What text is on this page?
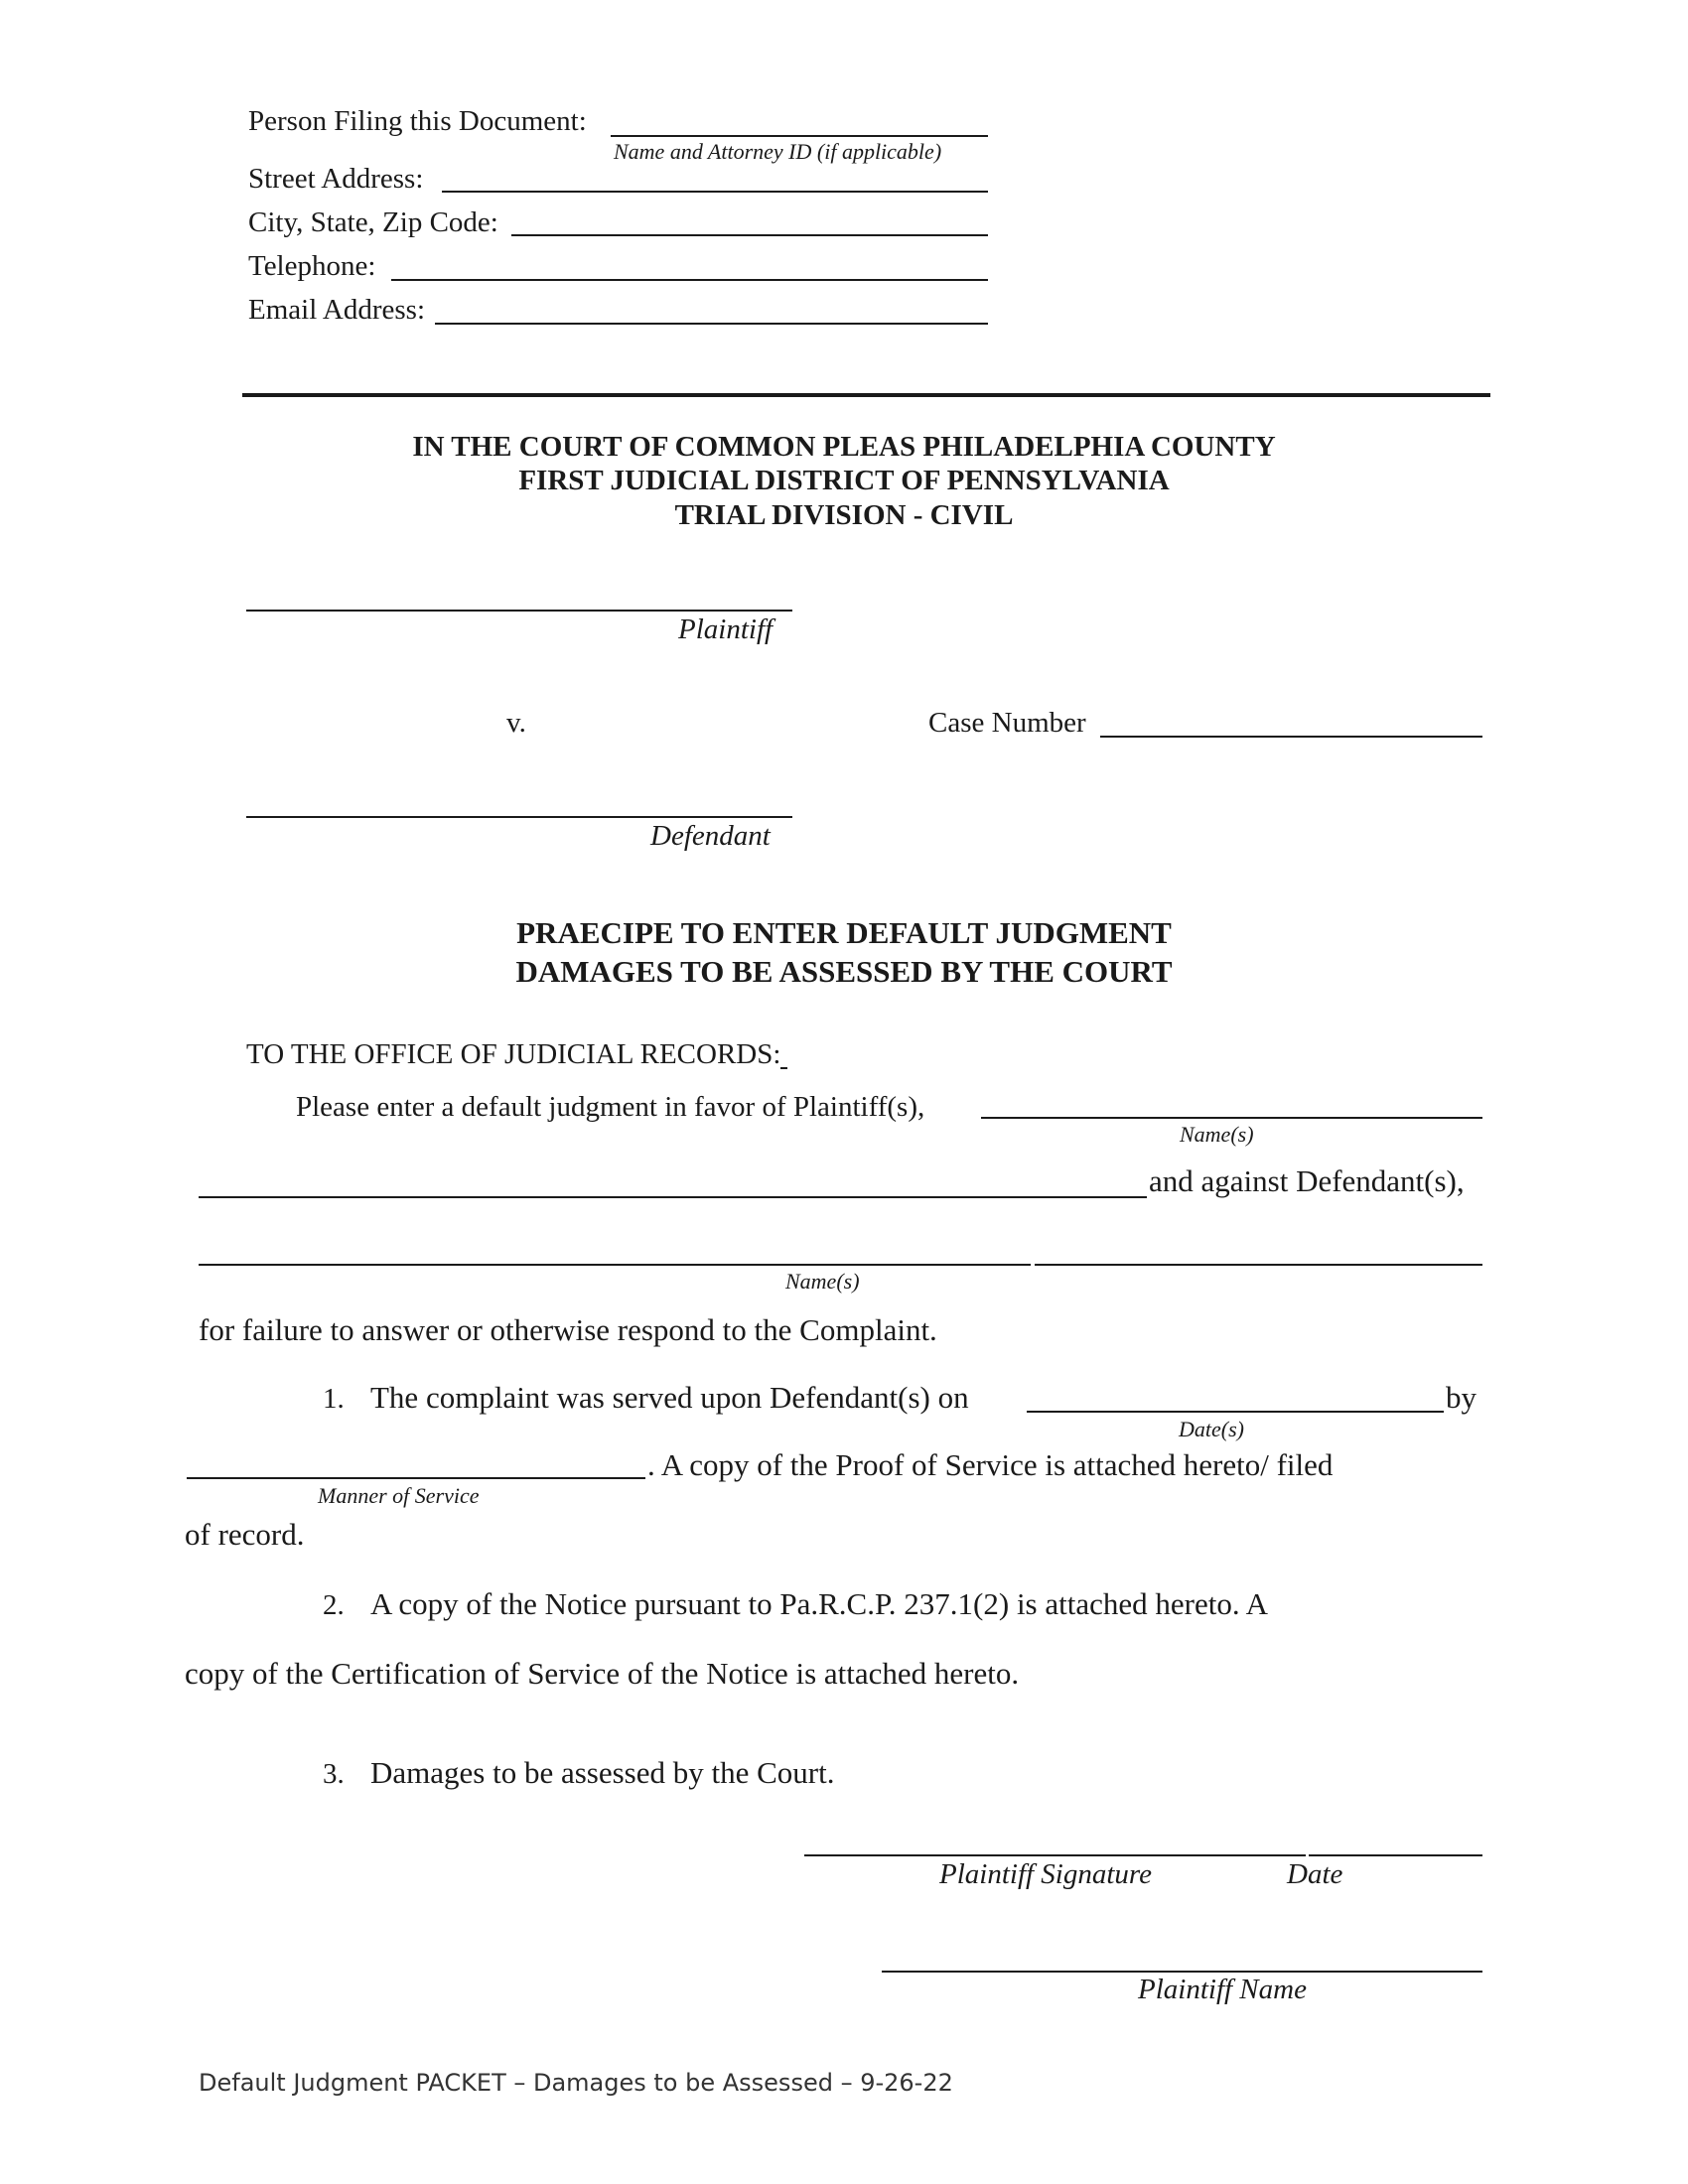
Person Filing this Document:
Name and Attorney ID (if applicable)
Street Address:
City, State, Zip Code:
Telephone:
Email Address:
IN THE COURT OF COMMON PLEAS PHILADELPHIA COUNTY
FIRST JUDICIAL DISTRICT OF PENNSYLVANIA
TRIAL DIVISION - CIVIL
Plaintiff
v.	Case Number
Defendant
PRAECIPE TO ENTER DEFAULT JUDGMENT
DAMAGES TO BE ASSESSED BY THE COURT
TO THE OFFICE OF JUDICIAL RECORDS:
Please enter a default judgment in favor of Plaintiff(s),
Name(s)
and against Defendant(s),
Name(s)
for failure to answer or otherwise respond to the Complaint.
1. The complaint was served upon Defendant(s) on	by
Date(s)
. A copy of the Proof of Service is attached hereto/ filed
Manner of Service
of record.
2. A copy of the Notice pursuant to Pa.R.C.P. 237.1(2) is attached hereto. A
copy of the Certification of Service of the Notice is attached hereto.
3. Damages to be assessed by the Court.
Plaintiff Signature	Date
Plaintiff Name
Default Judgment PACKET – Damages to be Assessed – 9-26-22
